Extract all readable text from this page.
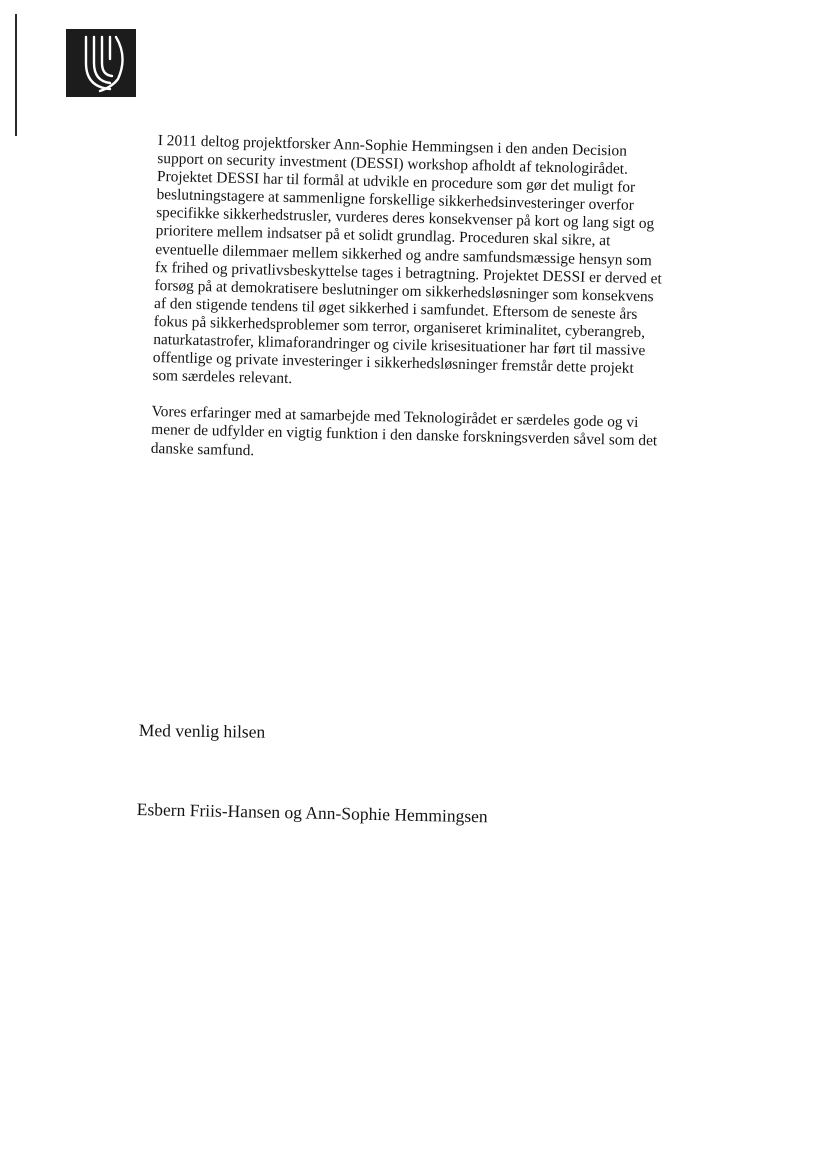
I 2011 deltog projektforsker Ann-Sophie Hemmingsen i den anden Decision
support on security investment (DESSI) workshop afholdt af teknologirådet.
Projektet DESSI har til formål at udvikle en procedure som gør det muligt for
beslutningstagere at sammenligne forskellige sikkerhedsinvesteringer overfor
specifikke sikkerhedstrusler, vurderes deres konsekvenser på kort og lang sigt og
prioritere mellem indsatser på et solidt grundlag. Proceduren skal sikre, at
eventuelle dilemmaer mellem sikkerhed og andre samfundsmæssige hensyn som
fx frihed og privatlivsbeskyttelse tages i betragtning. Projektet DESSI er derved et
forsøg på at demokratisere beslutninger om sikkerhedsløsninger som konsekvens
af den stigende tendens til øget sikkerhed i samfundet. Eftersom de seneste års
fokus på sikkerhedsproblemer som terror, organiseret kriminalitet, cyberangreb,
naturkatastrofer, klimaforandringer og civile krisesituationer har ført til massive
offentlige og private investeringer i sikkerhedsløsninger fremstår dette projekt
som særdeles relevant.

Vores erfaringer med at samarbejde med Teknologirådet er særdeles gode og vi
mener de udfylder en vigtig funktion i den danske forskningsverden såvel som det
danske samfund.

Med venlig hilsen
Esbern Friis-Hansen og Ann-Sophie Hemmingsen
